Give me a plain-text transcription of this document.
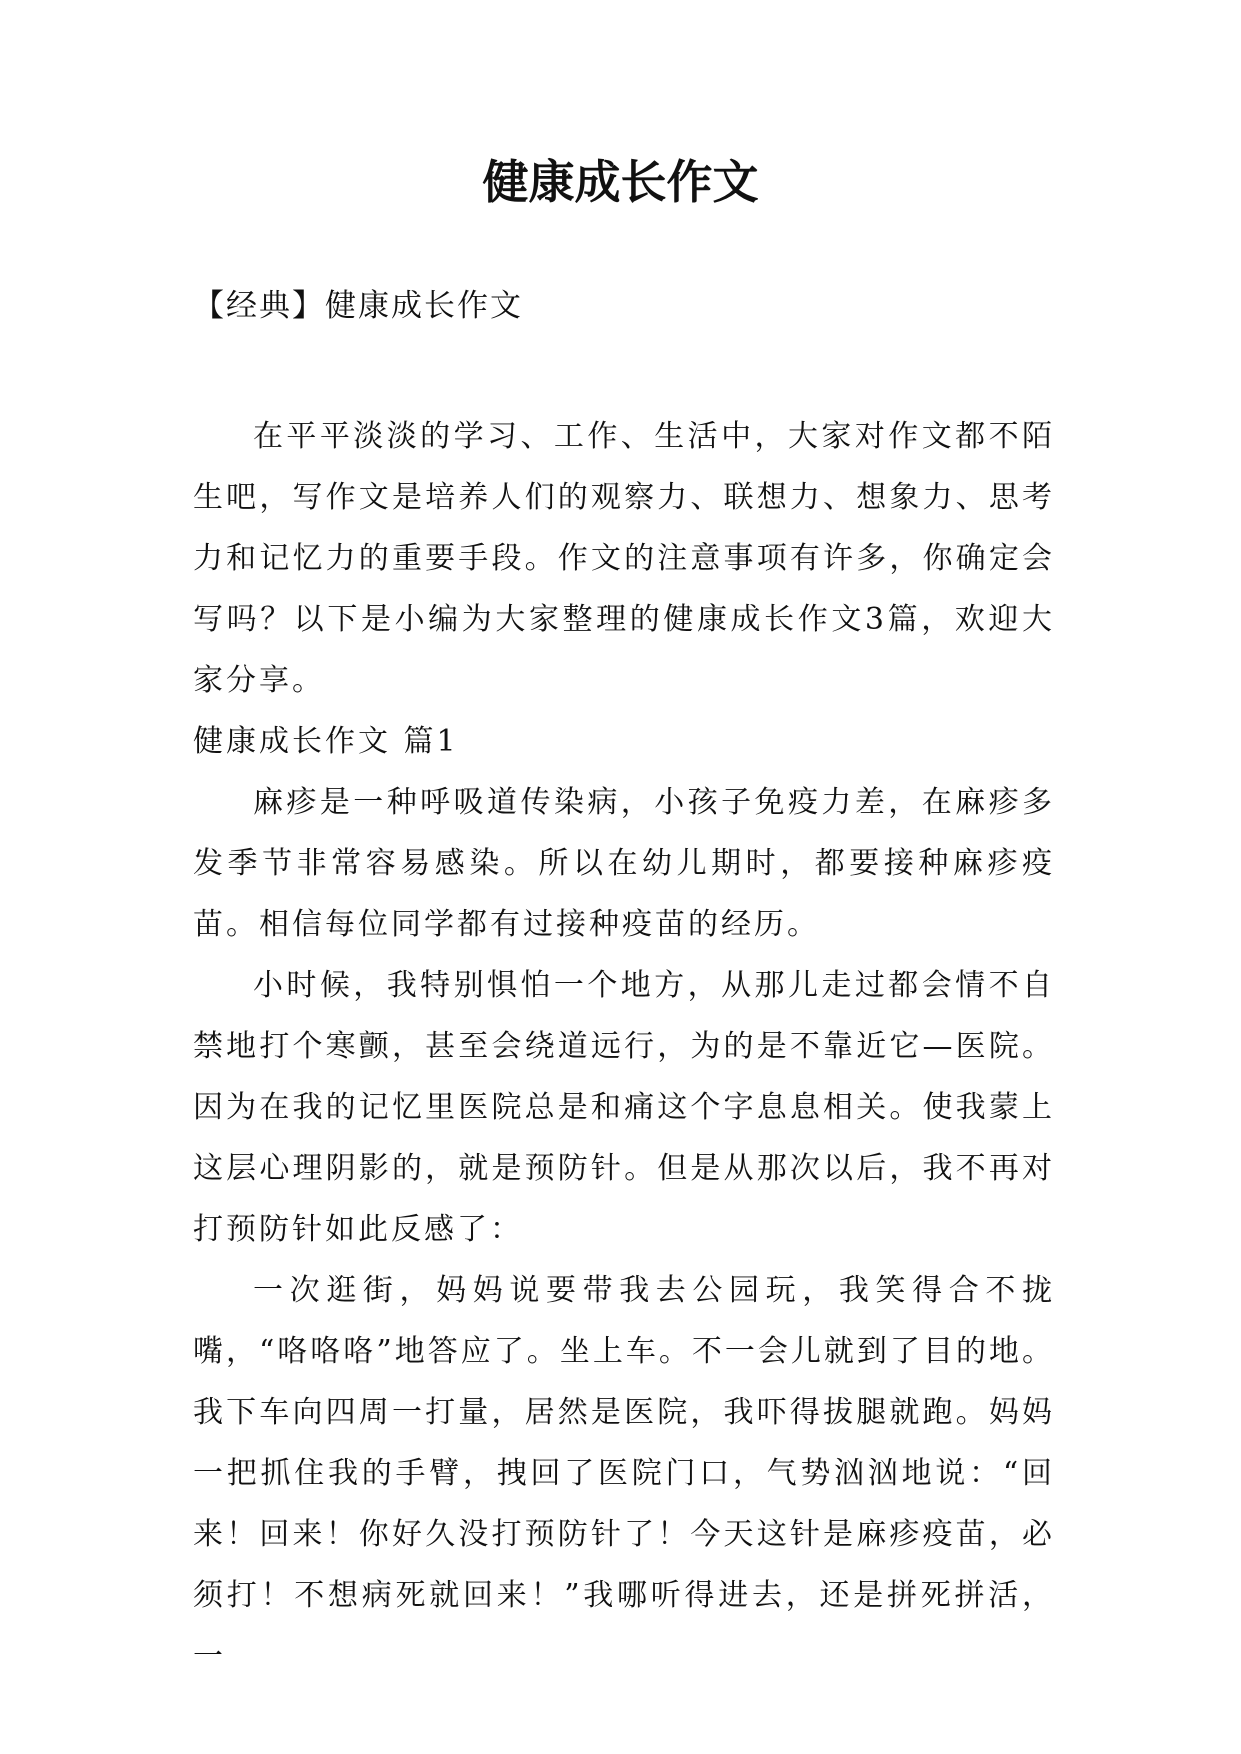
健康成长作文

【经典】健康成长作文

在平平淡淡的学习、工作、生活中，大家对作文都不陌生吧，写作文是培养人们的观察力、联想力、想象力、思考力和记忆力的重要手段。作文的注意事项有许多，你确定会写吗？以下是小编为大家整理的健康成长作文3篇，欢迎大家分享。

健康成长作文 篇1

麻疹是一种呼吸道传染病，小孩子免疫力差，在麻疹多发季节非常容易感染。所以在幼儿期时，都要接种麻疹疫苗。相信每位同学都有过接种疫苗的经历。

小时候，我特别惧怕一个地方，从那儿走过都会情不自禁地打个寒颤，甚至会绕道远行，为的是不靠近它—医院。因为在我的记忆里医院总是和痛这个字息息相关。使我蒙上这层心理阴影的，就是预防针。但是从那次以后，我不再对打预防针如此反感了：

一次逛街，妈妈说要带我去公园玩，我笑得合不拢嘴，“咯咯咯”地答应了。坐上车。不一会儿就到了目的地。我下车向四周一打量，居然是医院，我吓得拔腿就跑。妈妈一把抓住我的手臂，拽回了医院门口，气势汹汹地说：“回来！回来！你好久没打预防针了！今天这针是麻疹疫苗，必须打！不想病死就回来！”我哪听得进去，还是拼死拼活，一
